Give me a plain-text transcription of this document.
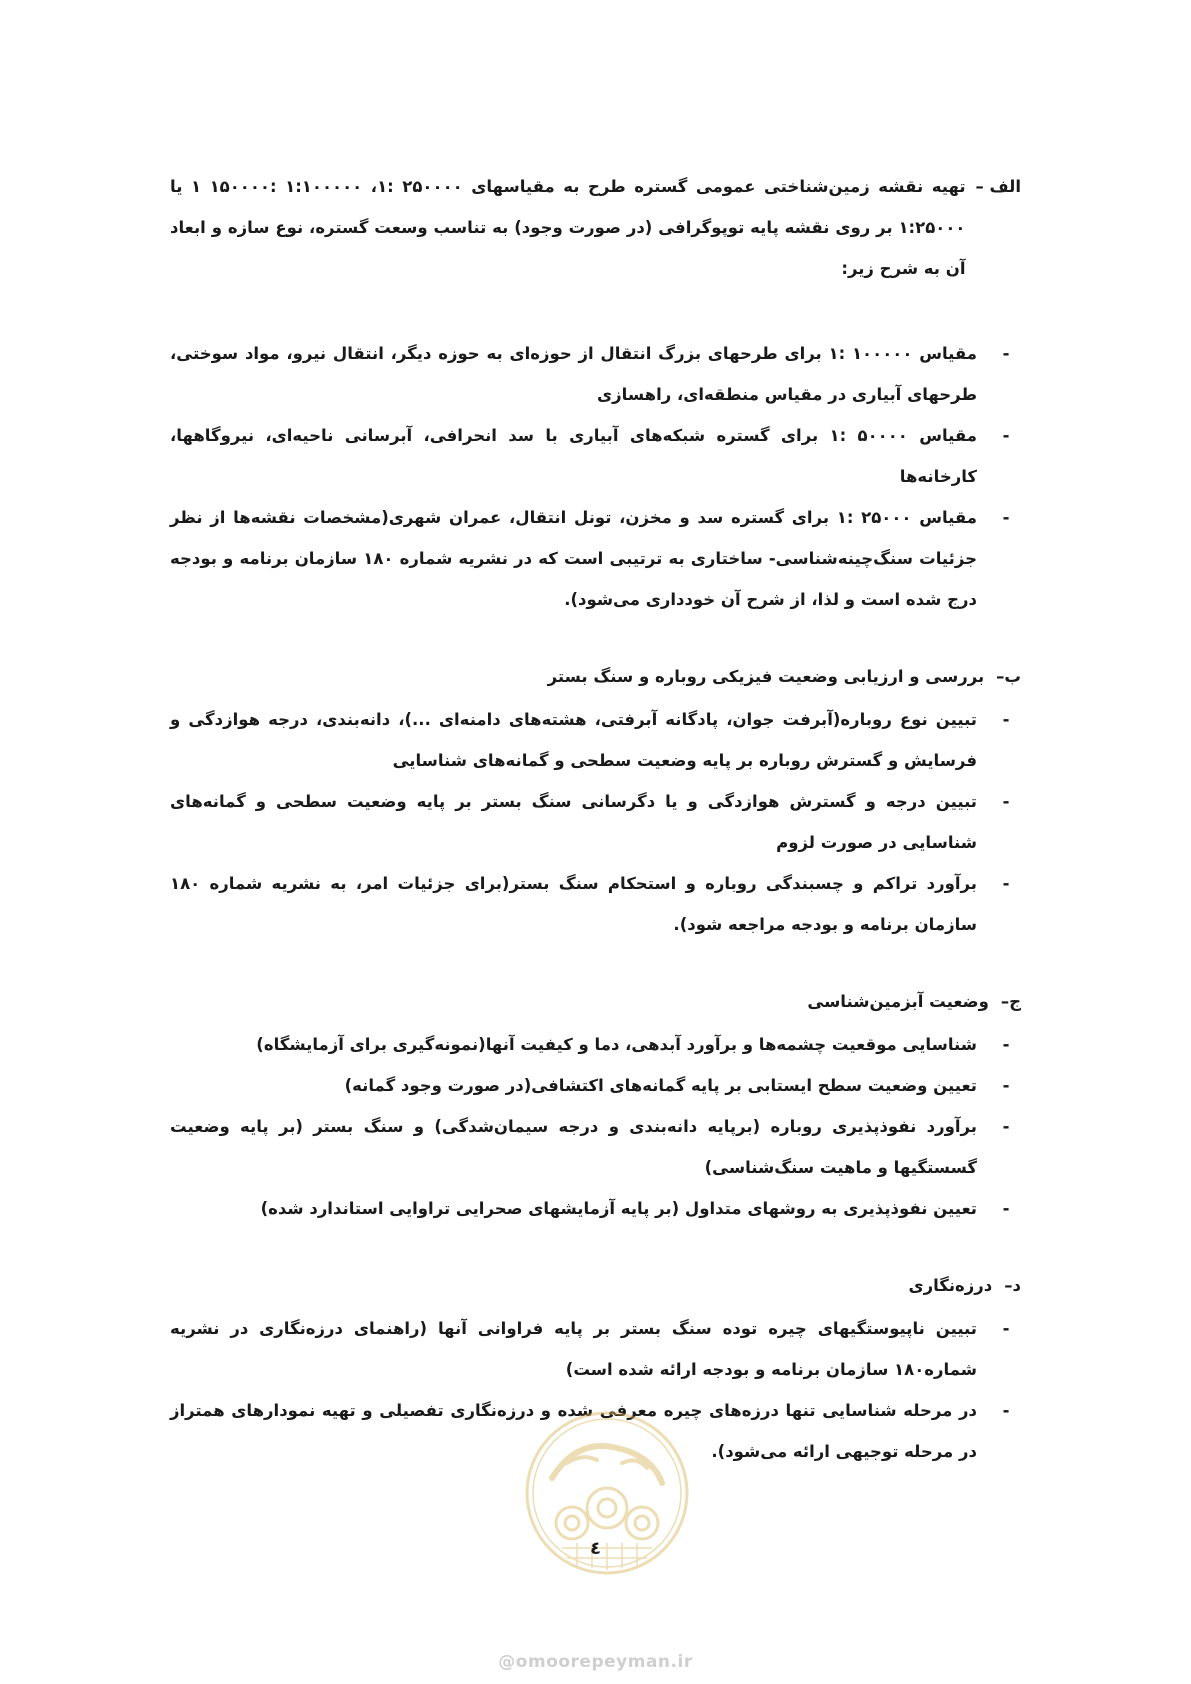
الف –
تهیه نقشه زمین‌شناختی عمومی گستره طرح به مقیاسهای ۲۵۰۰۰۰ :۱، ۱:۱۰۰۰۰۰ :۱۵۰۰۰۰ ۱ یا ۱:۲۵۰۰۰ بر روی نقشه پایه توپوگرافی (در صورت وجود) به تناسب وسعت گستره، نوع سازه و ابعاد آن به شرح زیر:
-
مقیاس ۱۰۰۰۰۰ :۱ برای طرحهای بزرگ انتقال از حوزه‌ای به حوزه دیگر، انتقال نیرو، مواد سوختی، طرحهای آبیاری در مقیاس منطقه‌ای، راهسازی
-
مقیاس ۵۰۰۰۰ :۱ برای گستره شبکه‌های آبیاری با سد انحرافی، آبرسانی ناحیه‌ای، نیروگاهها، کارخانه‌ها
-
مقیاس ۲۵۰۰۰ :۱ برای گستره سد و مخزن، تونل انتقال، عمران شهری(مشخصات نقشه‌ها از نظر جزئیات سنگ‌چینه‌شناسی- ساختاری به ترتیبی است که در نشریه شماره ۱۸۰ سازمان برنامه و بودجه درج شده است و لذا، از شرح آن خودداری می‌شود).
ب–
بررسی و ارزیابی وضعیت فیزیکی روباره و سنگ بستر
-
تبیین نوع روباره(آبرفت جوان، پادگانه آبرفتی، هشته‌های دامنه‌ای ...)، دانه‌بندی، درجه هوازدگی و فرسایش و گسترش روباره بر پایه وضعیت سطحی و گمانه‌های شناسایی
-
تبیین درجه و گسترش هوازدگی و یا دگرسانی سنگ بستر بر پایه وضعیت سطحی و گمانه‌های شناسایی در صورت لزوم
-
برآورد تراکم و چسبندگی روباره و استحکام سنگ بستر(برای جزئیات امر، به نشریه شماره ۱۸۰ سازمان برنامه و بودجه مراجعه شود).
ج–
وضعیت آبزمین‌شناسی
-
شناسایی موقعیت چشمه‌ها و برآورد آبدهی، دما و کیفیت آنها(نمونه‌گیری برای آزمایشگاه)
-
تعیین وضعیت سطح ایستابی بر پایه گمانه‌های اکتشافی(در صورت وجود گمانه)
-
برآورد نفوذپذیری روباره (برپایه دانه‌بندی و درجه سیمان‌شدگی) و سنگ بستر (بر پایه وضعیت گسستگیها و ماهیت سنگ‌شناسی)
-
تعیین نفوذپذیری به روشهای متداول (بر پایه آزمایشهای صحرایی تراوایی استاندارد شده)
د–
درزه‌نگاری
-
تبیین ناپیوستگیهای چیره توده سنگ بستر بر پایه فراوانی آنها (راهنمای درزه‌نگاری در نشریه شماره۱۸۰ سازمان برنامه و بودجه ارائه شده است)
-
در مرحله شناسایی تنها درزه‌های چیره معرفی شده و درزه‌نگاری تفصیلی و تهیه نمودارهای همتراز در مرحله توجیهی ارائه می‌شود).
٤
@omoorepeyman.ir
